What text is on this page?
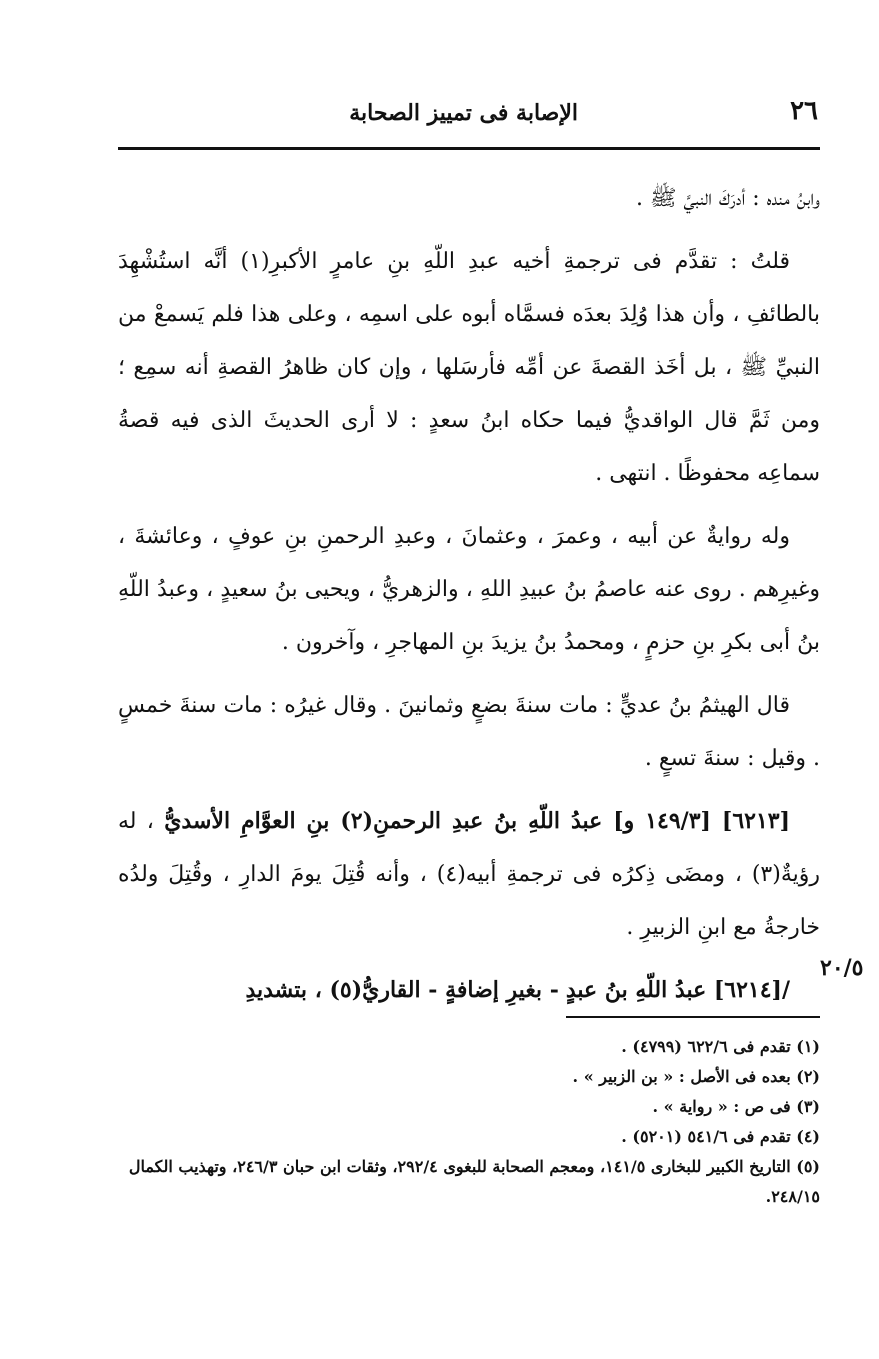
الإصابة فى تمييز الصحابة	٢٦

وابنُ منده : أدرَكَ النبيَّ ﷺ .

قلتُ : تقدَّم فى ترجمةِ أخيه عبدِ اللّهِ بنِ عامرٍ الأكبرِ(١) أنَّه استُشْهِدَ بالطائفِ ، وأن هذا وُلِدَ بعدَه فسمَّاه أبوه على اسمِه ، وعلى هذا فلم يَسمعْ من النبيِّ ﷺ ، بل أخَذ القصةَ عن أمِّه فأرسَلها ، وإن كان ظاهرُ القصةِ أنه سمِع ؛ ومن ثَمَّ قال الواقديُّ فيما حكاه ابنُ سعدٍ : لا أرى الحديثَ الذى فيه قصةُ سماعِه محفوظًا . انتهى .

وله روايةٌ عن أبيه ، وعمرَ ، وعثمانَ ، وعبدِ الرحمنِ بنِ عوفٍ ، وعائشةَ ، وغيرِهم . روى عنه عاصمُ بنُ عبيدِ اللهِ ، والزهريُّ ، ويحيى بنُ سعيدٍ ، وعبدُ اللّهِ بنُ أبى بكرِ بنِ حزمٍ ، ومحمدُ بنُ يزيدَ بنِ المهاجرِ ، وآخرون .

قال الهيثمُ بنُ عديٍّ : مات سنةَ بضعٍ وثمانينَ . وقال غيرُه : مات سنةَ خمسٍ . وقيل : سنةَ تسعٍ .

[٦٢١٣] [١٤٩/٣ و] عبدُ اللّهِ بنُ عبدِ الرحمنِ(٢) بنِ العوَّامِ الأسديُّ ، له رؤيةٌ(٣) ، ومضَى ذِكرُه فى ترجمةِ أبيه(٤) ، وأنه قُتِلَ يومَ الدارِ ، وقُتِلَ ولدُه خارجةُ مع ابنِ الزبيرِ .

/[٦٢١٤] عبدُ اللّهِ بنُ عبدٍ - بغيرِ إضافةٍ - القاريُّ(٥) ، بتشديدِ

٢٠/٥
(١) تقدم فى ٦٢٢/٦ (٤٧٩٩) .
(٢) بعده فى الأصل : « بن الزبير » .
(٣) فى ص : « رواية » .
(٤) تقدم فى ٥٤١/٦ (٥٢٠١) .
(٥) التاريخ الكبير للبخارى ١٤١/٥، ومعجم الصحابة للبغوى ٢٩٢/٤، وثقات ابن حبان ٢٤٦/٣، وتهذيب الكمال ٢٤٨/١٥.
